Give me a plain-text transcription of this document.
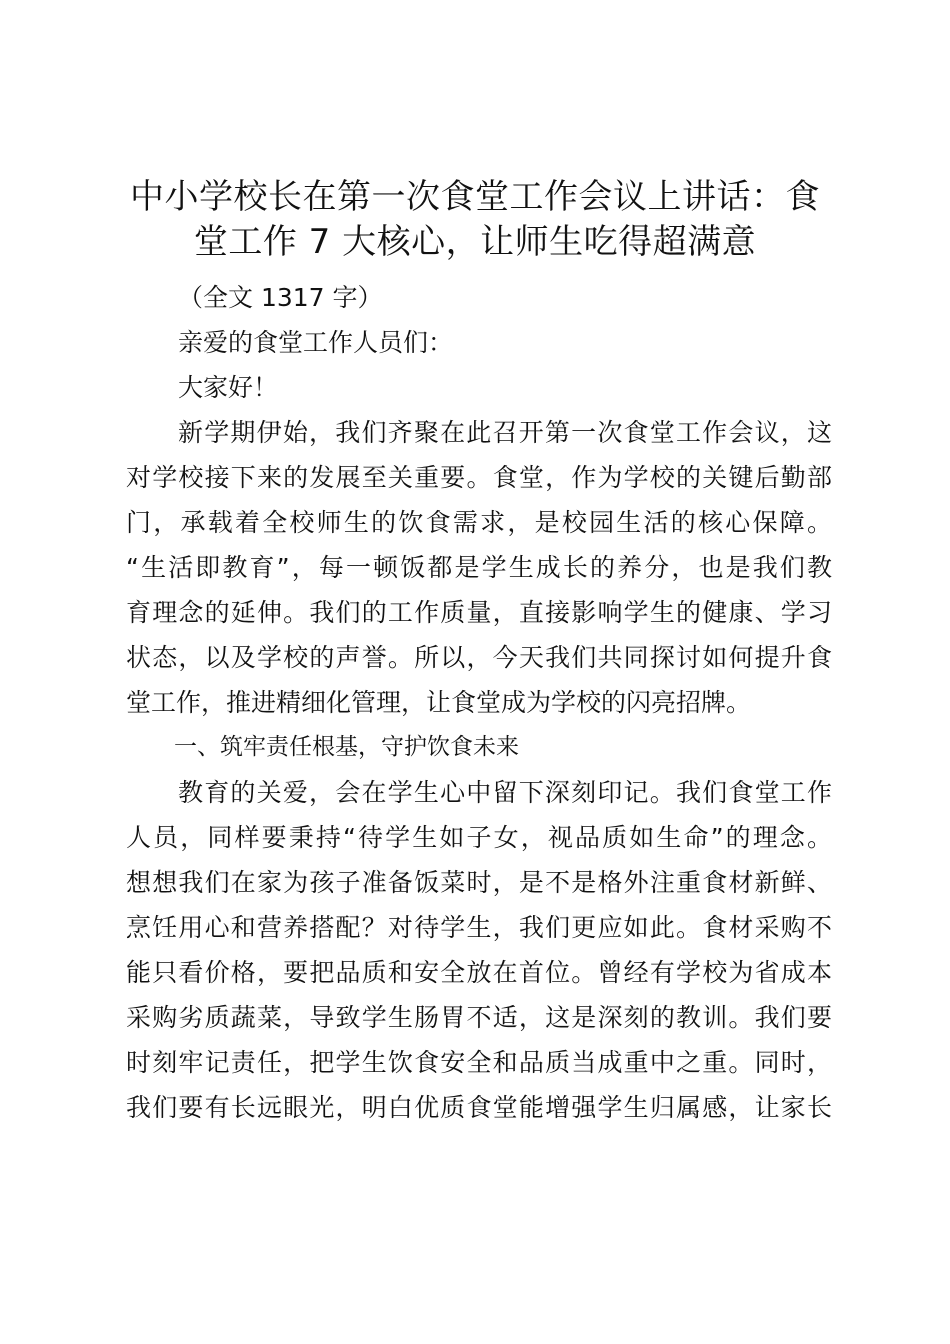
中小学校长在第一次食堂工作会议上讲话：食
堂工作 7 大核心，让师生吃得超满意
（全文 1317 字）
亲爱的食堂工作人员们：
大家好！
新学期伊始，我们齐聚在此召开第一次食堂工作会议，这
对学校接下来的发展至关重要。食堂，作为学校的关键后勤部
门，承载着全校师生的饮食需求，是校园生活的核心保障。
“生活即教育”，每一顿饭都是学生成长的养分，也是我们教
育理念的延伸。我们的工作质量，直接影响学生的健康、学习
状态，以及学校的声誉。所以，今天我们共同探讨如何提升食
堂工作，推进精细化管理，让食堂成为学校的闪亮招牌。
一、筑牢责任根基，守护饮食未来
教育的关爱，会在学生心中留下深刻印记。我们食堂工作
人员，同样要秉持“待学生如子女，视品质如生命”的理念。
想想我们在家为孩子准备饭菜时，是不是格外注重食材新鲜、
烹饪用心和营养搭配？对待学生，我们更应如此。食材采购不
能只看价格，要把品质和安全放在首位。曾经有学校为省成本
采购劣质蔬菜，导致学生肠胃不适，这是深刻的教训。我们要
时刻牢记责任，把学生饮食安全和品质当成重中之重。同时，
我们要有长远眼光，明白优质食堂能增强学生归属感，让家长
